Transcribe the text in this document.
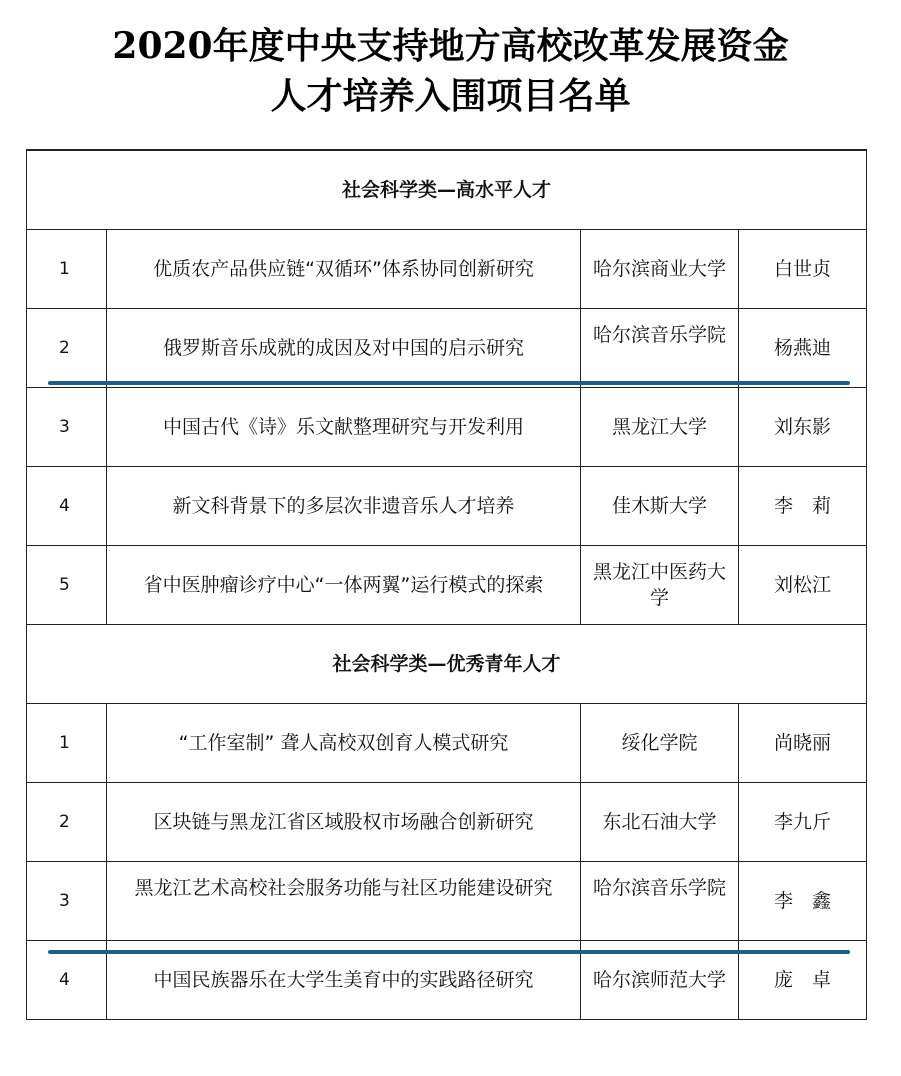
2020年度中央支持地方高校改革发展资金
人才培养入围项目名单

社会科学类—高水平人才			
1	优质农产品供应链“双循环”体系协同创新研究	哈尔滨商业大学	白世贞
2	俄罗斯音乐成就的成因及对中国的启示研究	哈尔滨音乐学院	杨燕迪
3	中国古代《诗》乐文献整理研究与开发利用	黑龙江大学	刘东影
4	新文科背景下的多层次非遗音乐人才培养	佳木斯大学	李　莉
5	省中医肿瘤诊疗中心“一体两翼”运行模式的探索	黑龙江中医药大学	刘松江
社会科学类—优秀青年人才			
1	“工作室制” 聋人高校双创育人模式研究	绥化学院	尚晓丽
2	区块链与黑龙江省区域股权市场融合创新研究	东北石油大学	李九斤
3	黑龙江艺术高校社会服务功能与社区功能建设研究	哈尔滨音乐学院	李　鑫
4	中国民族器乐在大学生美育中的实践路径研究	哈尔滨师范大学	庞　卓
